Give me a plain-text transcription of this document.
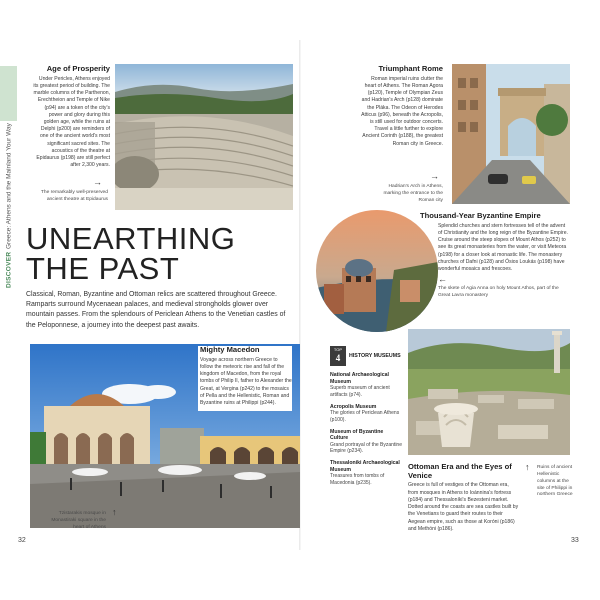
DISCOVER
Greece: Athens and the Mainland Your Way
Age of Prosperity
Under Pericles, Athens enjoyed its greatest period of building. The marble columns of the Parthenon, Erechtheion and Temple of Nike (p94) are a token of the city's power and glory during this golden age, while the ruins at Delphi (p200) are reminders of one of the ancient world's most significant sacred sites. The acoustics of the theatre at Epidaurus (p198) are still perfect after 2,300 years.
→
The remarkably well-preserved ancient theatre at Epidaurus
Triumphant Rome
Roman imperial ruins clutter the heart of Athens. The Roman Agora (p120), Temple of Olympian Zeus and Hadrian's Arch (p128) dominate the Pláka. The Odeon of Herodes Atticus (p96), beneath the Acropolis, is still used for outdoor concerts. Travel a little further to explore Ancient Corinth (p188), the greatest Roman city in Greece.
→
Hadrian's Arch in Athens, marking the entrance to the Roman city
UNEARTHING
THE PAST
Classical, Roman, Byzantine and Ottoman relics are scattered throughout Greece. Ramparts surround Mycenaean palaces, and medieval strongholds glower over mountain passes. From the splendours of Periclean Athens to the Venetian castles of the Peloponnese, a journey into the deepest past awaits.
Thousand-Year Byzantine Empire
Splendid churches and stern fortresses tell of the advent of Christianity and the long reign of the Byzantine Empire. Cruise around the steep slopes of Mount Athos (p252) to see its great monasteries from the water, or visit Meteora (p198) for a closer look at monastic life. The monastery churches of Dafni (p128) and Ósios Loukás (p198) have wonderful mosaics and frescoes.
←
The skete of Agia Anna on holy Mount Athos, part of the Great Lavra monastery
Mighty Macedon
Voyage across northern Greece to follow the meteoric rise and fall of the kingdom of Macedon, from the royal tombs of Philip II, father to Alexander the Great, at Vergina (p242) to the mosaics of Pella and the Hellenistic, Roman and Byzantine ruins at Philippi (p244).
Tzistarakis mosque in Monastiraki square in the heart of Athens
↑
TOP
4	HISTORY MUSEUMS
National Archaeological Museum
Superb museum of ancient artifacts (p74).
Acropolis Museum
The glories of Periclean Athens (p100).
Museum of Byzantine Culture
Grand portrayal of the Byzantine Empire (p234).
Thessaloniki Archaeological Museum
Treasures from tombs of Macedonia (p235).
Ottoman Era and the Eyes of Venice
Greece is full of vestiges of the Ottoman era, from mosques in Athens to Ioánnina's fortress (p184) and Thessaloníki's Bezesteni market. Dotted around the coasts are sea castles built by the Venetians to guard their routes to their Aegean empire, such as those at Koróni (p186) and Methóni (p186).
↑	Ruins of ancient Hellenistic columns at the site of Philippi in northern Greece
32	33
